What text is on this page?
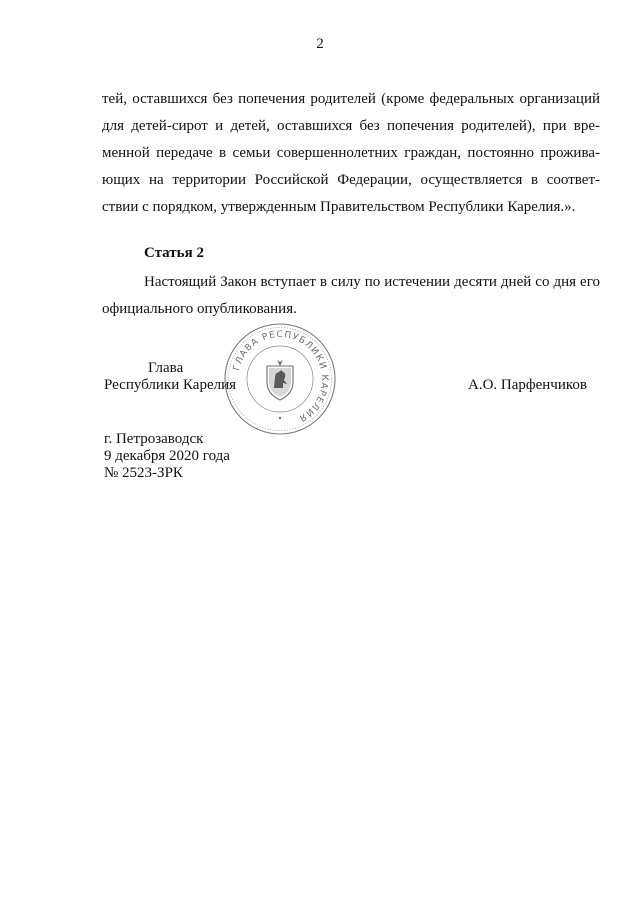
2
тей, оставшихся без попечения родителей (кроме федеральных организаций
для детей-сирот и детей, оставшихся без попечения родителей), при вре-
менной передаче в семьи совершеннолетних граждан, постоянно прожива-
ющих на территории Российской Федерации, осуществляется в соответ-
ствии с порядком, утвержденным Правительством Республики Карелия.».
Статья 2
Настоящий Закон вступает в силу по истечении десяти дней со дня его
официального опубликования.
ГЛАВА РЕСПУБЛИКИ КАРЕЛИЯ
Глава
Республики Карелия	А.О. Парфенчиков
г. Петрозаводск
9 декабря 2020 года
№ 2523-ЗРК
